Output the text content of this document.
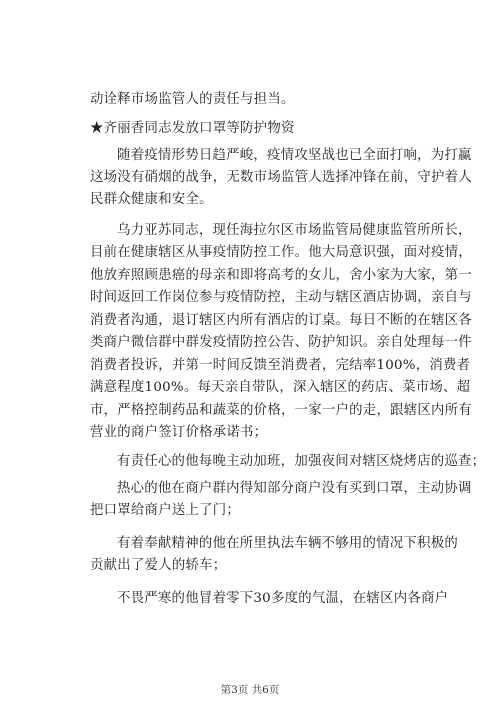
动诠释市场监管人的责任与担当。
★齐丽香同志发放口罩等防护物资
随着疫情形势日趋严峻，疫情攻坚战也已全面打响，为打赢
这场没有硝烟的战争，无数市场监管人选择冲锋在前，守护着人
民群众健康和安全。
乌力亚苏同志，现任海拉尔区市场监管局健康监管所所长，
目前在健康辖区从事疫情防控工作。他大局意识强，面对疫情，
他放弃照顾患癌的母亲和即将高考的女儿，舍小家为大家，第一
时间返回工作岗位参与疫情防控，主动与辖区酒店协调，亲自与
消费者沟通，退订辖区内所有酒店的订桌。每日不断的在辖区各
类商户微信群中群发疫情防控公告、防护知识。亲自处理每一件
消费者投诉，并第一时间反馈至消费者，完结率100%，消费者
满意程度100%。每天亲自带队，深入辖区的药店、菜市场、超
市，严格控制药品和蔬菜的价格，一家一户的走，跟辖区内所有
营业的商户签订价格承诺书；
有责任心的他每晚主动加班，加强夜间对辖区烧烤店的巡查；
热心的他在商户群内得知部分商户没有买到口罩，主动协调
把口罩给商户送上了门；
有着奉献精神的他在所里执法车辆不够用的情况下积极的
贡献出了爱人的轿车；
不畏严寒的他冒着零下30多度的气温，在辖区内各商户
第3页 共6页
